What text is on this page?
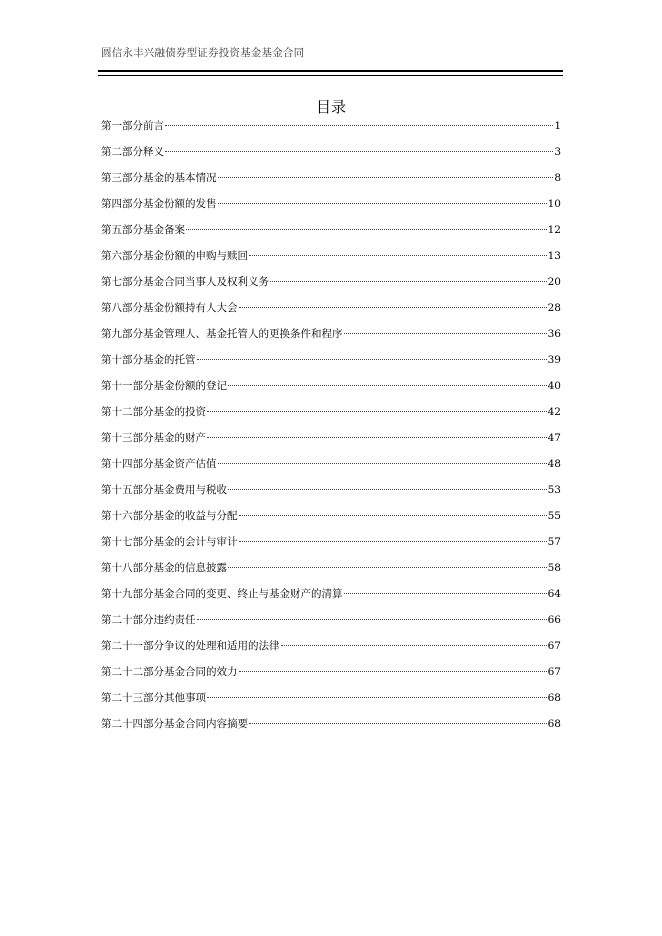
圆信永丰兴融债券型证券投资基金基金合同
目录
第一部分前言	1
第二部分释义	3
第三部分基金的基本情况	8
第四部分基金份额的发售	10
第五部分基金备案	12
第六部分基金份额的申购与赎回	13
第七部分基金合同当事人及权利义务	20
第八部分基金份额持有人大会	28
第九部分基金管理人、基金托管人的更换条件和程序	36
第十部分基金的托管	39
第十一部分基金份额的登记	40
第十二部分基金的投资	42
第十三部分基金的财产	47
第十四部分基金资产估值	48
第十五部分基金费用与税收	53
第十六部分基金的收益与分配	55
第十七部分基金的会计与审计	57
第十八部分基金的信息披露	58
第十九部分基金合同的变更、终止与基金财产的清算	64
第二十部分违约责任	66
第二十一部分争议的处理和适用的法律	67
第二十二部分基金合同的效力	67
第二十三部分其他事项	68
第二十四部分基金合同内容摘要	68
